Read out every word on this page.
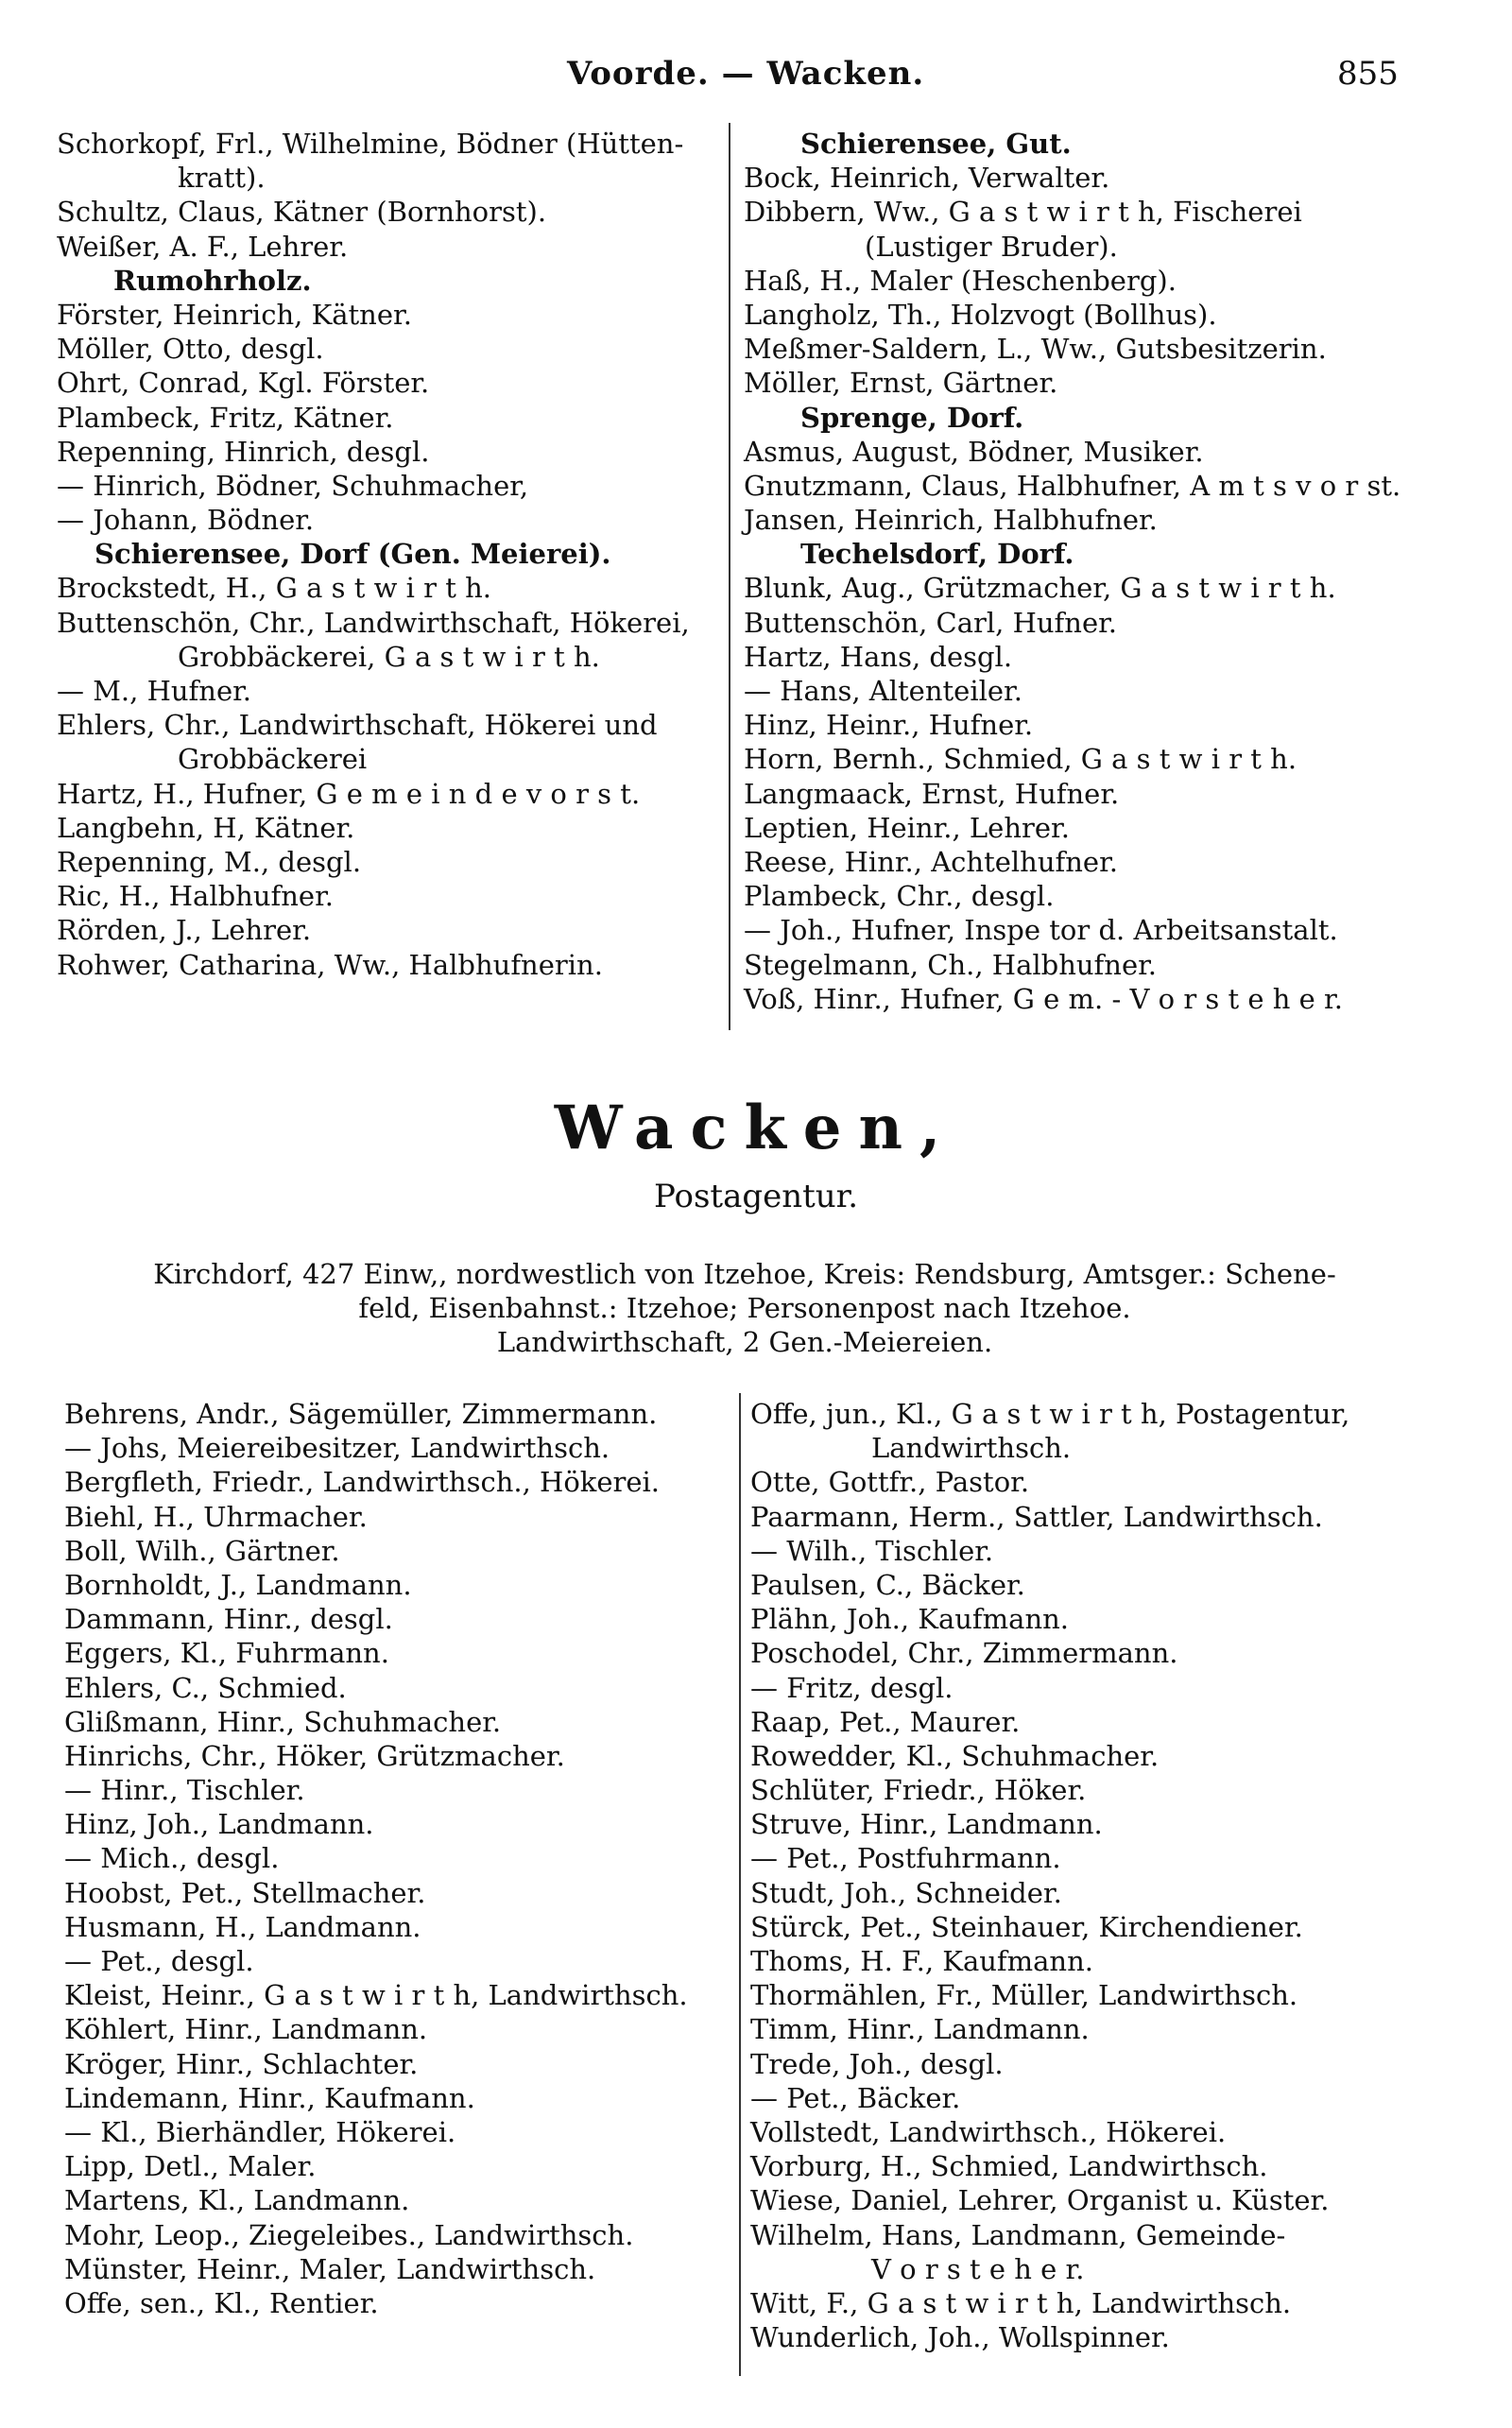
Voorde. — Wacken.	855
Schorkopf, Frl., Wilhelmine, Bödner (Hütten-
kratt).
Schultz, Claus, Kätner (Bornhorst).
Weißer, A. F., Lehrer.
Rumohrholz.
Förster, Heinrich, Kätner.
Möller, Otto, desgl.
Ohrt, Conrad, Kgl. Förster.
Plambeck, Fritz, Kätner.
Repenning, Hinrich, desgl.
— Hinrich, Bödner, Schuhmacher,
— Johann, Bödner.
Schierensee, Dorf (Gen. Meierei).
Brockstedt, H., G a s t w i r t h.
Buttenschön, Chr., Landwirthschaft, Hökerei,
Grobbäckerei, G a s t w i r t h.
— M., Hufner.
Ehlers, Chr., Landwirthschaft, Hökerei und
Grobbäckerei
Hartz, H., Hufner, G e m e i n d e v o r s t.
Langbehn, H, Kätner.
Repenning, M., desgl.
Ric, H., Halbhufner.
Rörden, J., Lehrer.
Rohwer, Catharina, Ww., Halbhufnerin.
Schierensee, Gut.
Bock, Heinrich, Verwalter.
Dibbern, Ww., G a s t w i r t h, Fischerei
(Lustiger Bruder).
Haß, H., Maler (Heschenberg).
Langholz, Th., Holzvogt (Bollhus).
Meßmer-Saldern, L., Ww., Gutsbesitzerin.
Möller, Ernst, Gärtner.
Sprenge, Dorf.
Asmus, August, Bödner, Musiker.
Gnutzmann, Claus, Halbhufner, A m t s v o r st.
Jansen, Heinrich, Halbhufner.
Techelsdorf, Dorf.
Blunk, Aug., Grützmacher, G a s t w i r t h.
Buttenschön, Carl, Hufner.
Hartz, Hans, desgl.
— Hans, Altenteiler.
Hinz, Heinr., Hufner.
Horn, Bernh., Schmied, G a s t w i r t h.
Langmaack, Ernst, Hufner.
Leptien, Heinr., Lehrer.
Reese, Hinr., Achtelhufner.
Plambeck, Chr., desgl.
— Joh., Hufner, Inspe tor d. Arbeitsanstalt.
Stegelmann, Ch., Halbhufner.
Voß, Hinr., Hufner, G e m. - V o r s t e h e r.
Wacken,
Postagentur.
Kirchdorf, 427 Einw,, nordwestlich von Itzehoe, Kreis: Rendsburg, Amtsger.: Schene-
feld, Eisenbahnst.: Itzehoe; Personenpost nach Itzehoe.
Landwirthschaft, 2 Gen.-Meiereien.
Behrens, Andr., Sägemüller, Zimmermann.
— Johs, Meiereibesitzer, Landwirthsch.
Bergfleth, Friedr., Landwirthsch., Hökerei.
Biehl, H., Uhrmacher.
Boll, Wilh., Gärtner.
Bornholdt, J., Landmann.
Dammann, Hinr., desgl.
Eggers, Kl., Fuhrmann.
Ehlers, C., Schmied.
Glißmann, Hinr., Schuhmacher.
Hinrichs, Chr., Höker, Grützmacher.
— Hinr., Tischler.
Hinz, Joh., Landmann.
— Mich., desgl.
Hoobst, Pet., Stellmacher.
Husmann, H., Landmann.
— Pet., desgl.
Kleist, Heinr., G a s t w i r t h, Landwirthsch.
Köhlert, Hinr., Landmann.
Kröger, Hinr., Schlachter.
Lindemann, Hinr., Kaufmann.
— Kl., Bierhändler, Hökerei.
Lipp, Detl., Maler.
Martens, Kl., Landmann.
Mohr, Leop., Ziegeleibes., Landwirthsch.
Münster, Heinr., Maler, Landwirthsch.
Offe, sen., Kl., Rentier.
Offe, jun., Kl., G a s t w i r t h, Postagentur,
Landwirthsch.
Otte, Gottfr., Pastor.
Paarmann, Herm., Sattler, Landwirthsch.
— Wilh., Tischler.
Paulsen, C., Bäcker.
Plähn, Joh., Kaufmann.
Poschodel, Chr., Zimmermann.
— Fritz, desgl.
Raap, Pet., Maurer.
Rowedder, Kl., Schuhmacher.
Schlüter, Friedr., Höker.
Struve, Hinr., Landmann.
— Pet., Postfuhrmann.
Studt, Joh., Schneider.
Stürck, Pet., Steinhauer, Kirchendiener.
Thoms, H. F., Kaufmann.
Thormählen, Fr., Müller, Landwirthsch.
Timm, Hinr., Landmann.
Trede, Joh., desgl.
— Pet., Bäcker.
Vollstedt, Landwirthsch., Hökerei.
Vorburg, H., Schmied, Landwirthsch.
Wiese, Daniel, Lehrer, Organist u. Küster.
Wilhelm, Hans, Landmann, Gemeinde-
V o r s t e h e r.
Witt, F., G a s t w i r t h, Landwirthsch.
Wunderlich, Joh., Wollspinner.
